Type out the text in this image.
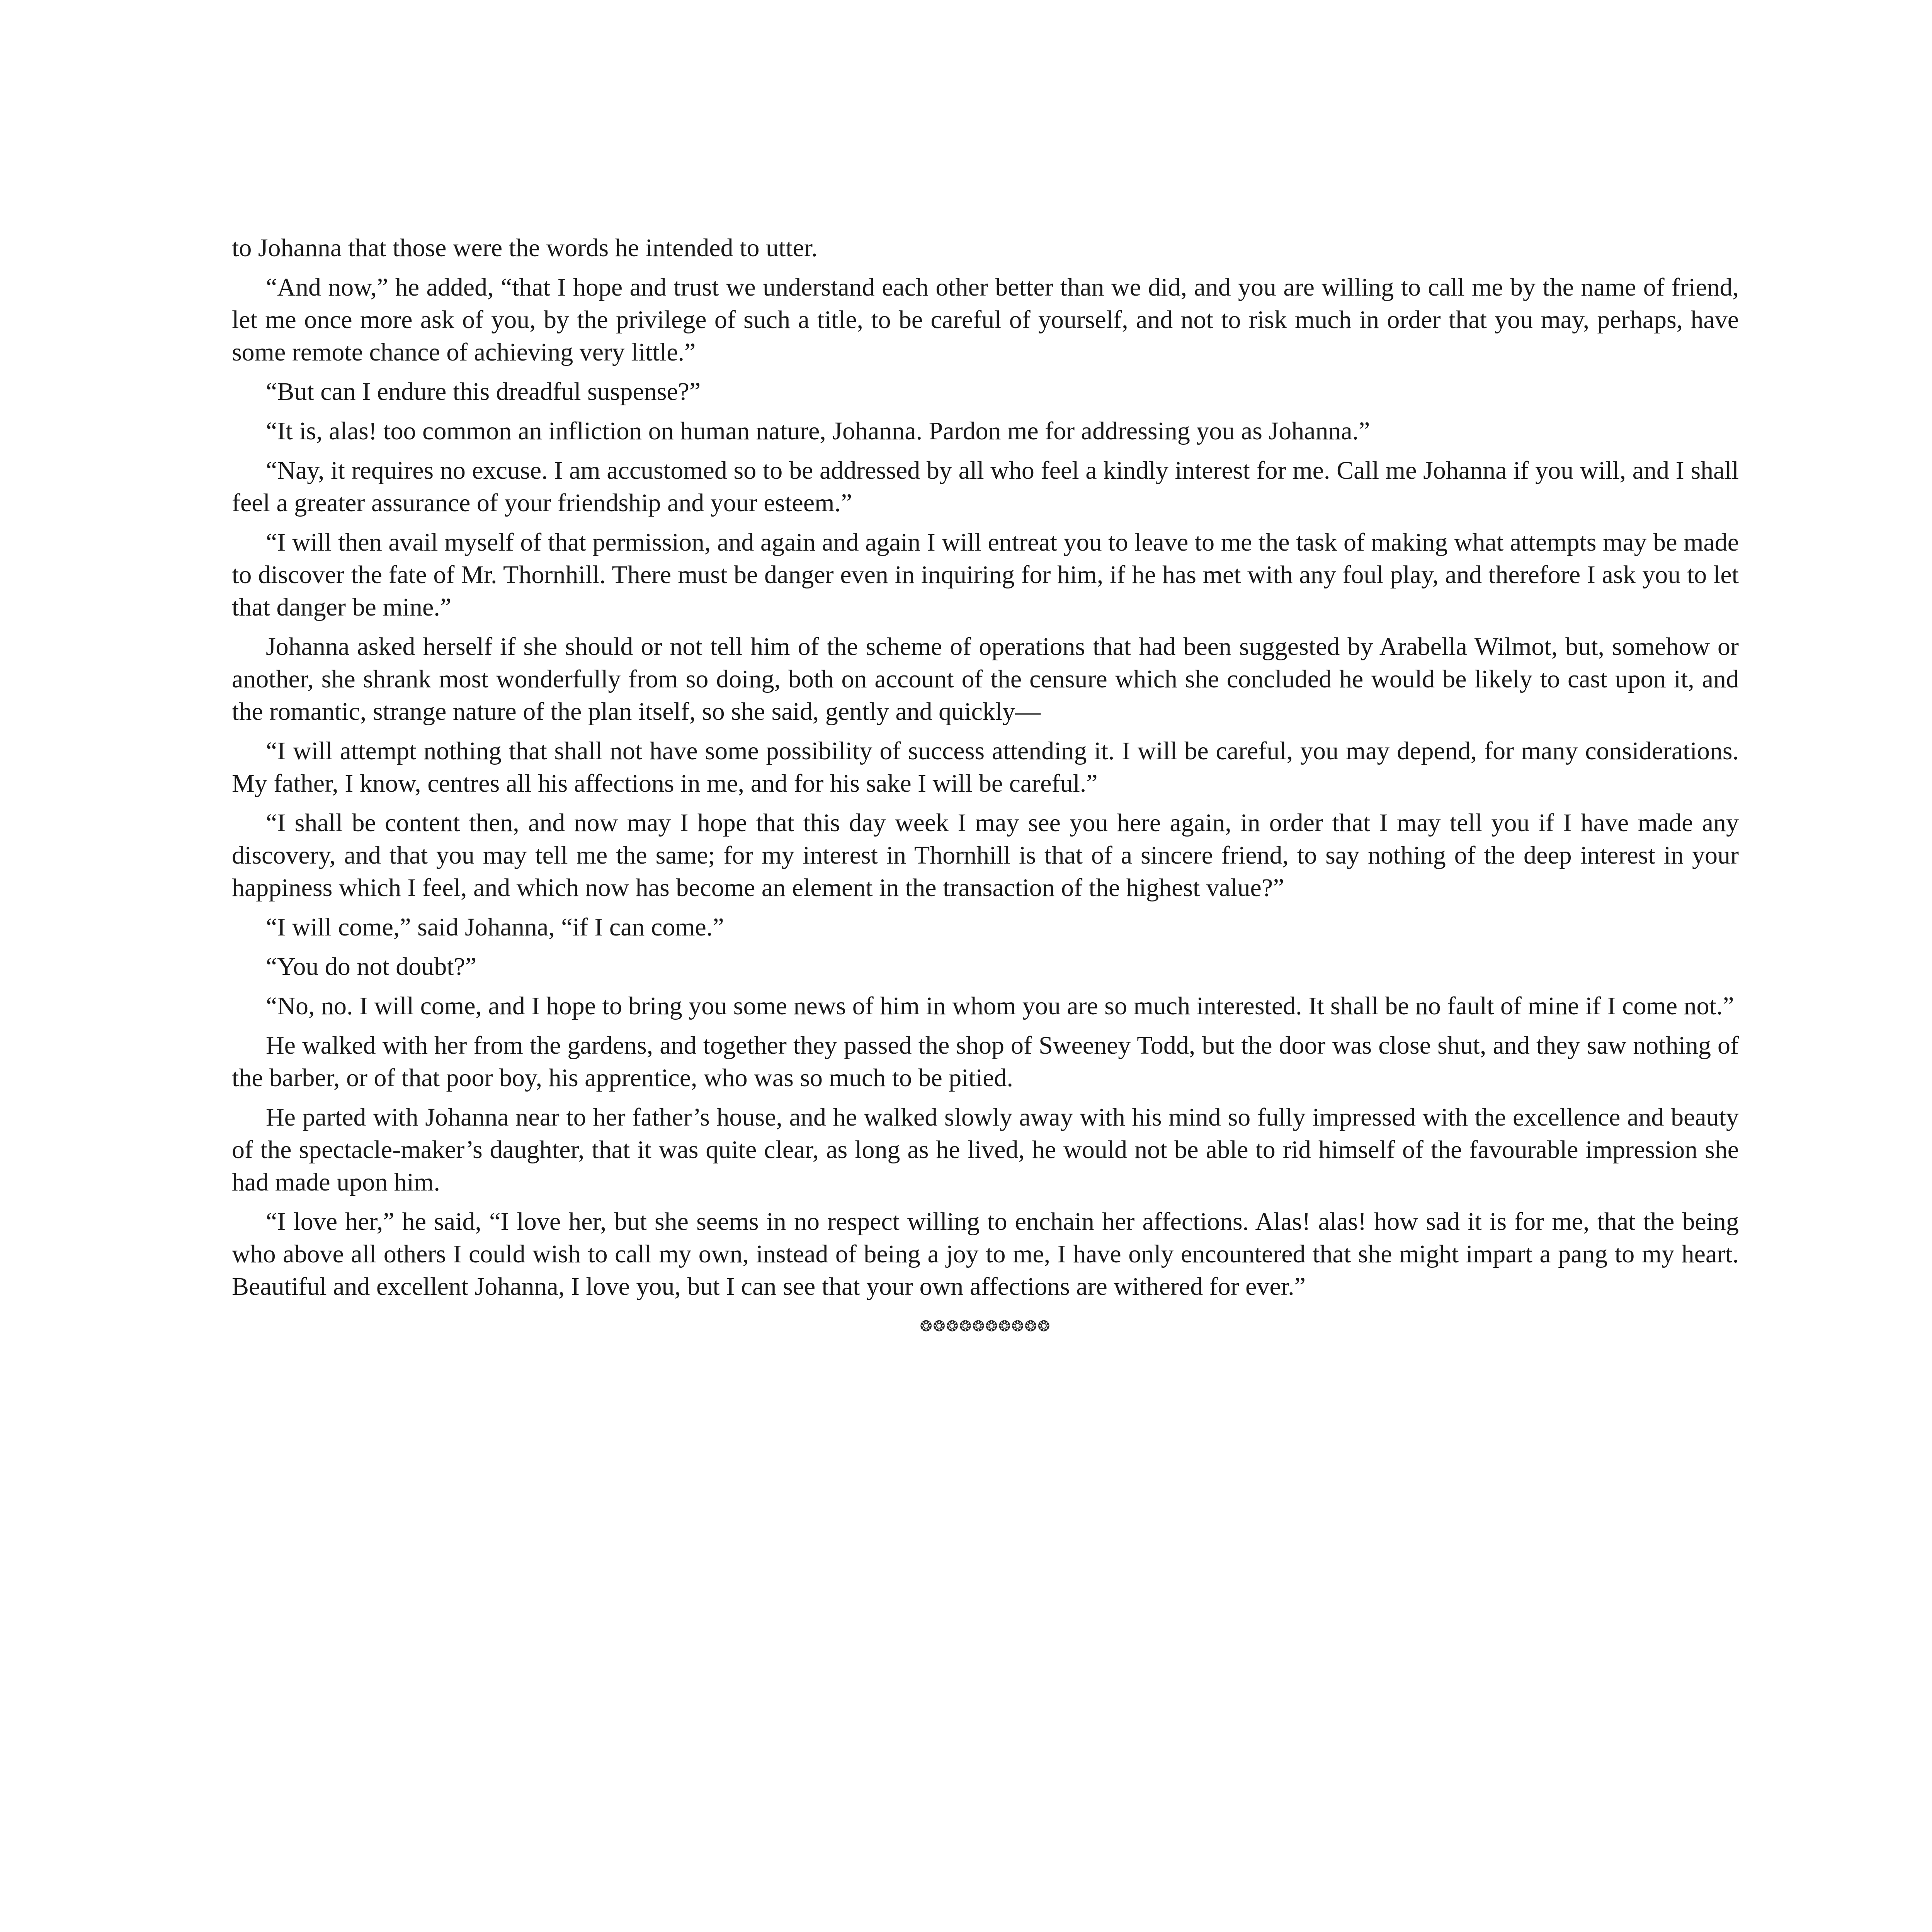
to Johanna that those were the words he intended to utter.

“And now,” he added, “that I hope and trust we understand each other better than we did, and you are willing to call me by the name of friend, let me once more ask of you, by the privilege of such a title, to be careful of yourself, and not to risk much in order that you may, perhaps, have some remote chance of achieving very little.”

“But can I endure this dreadful suspense?”

“It is, alas! too common an infliction on human nature, Johanna. Pardon me for addressing you as Johanna.”

“Nay, it requires no excuse. I am accustomed so to be addressed by all who feel a kindly interest for me. Call me Johanna if you will, and I shall feel a greater assurance of your friendship and your esteem.”

“I will then avail myself of that permission, and again and again I will entreat you to leave to me the task of making what attempts may be made to discover the fate of Mr. Thornhill. There must be danger even in inquiring for him, if he has met with any foul play, and therefore I ask you to let that danger be mine.”

Johanna asked herself if she should or not tell him of the scheme of operations that had been suggested by Arabella Wilmot, but, somehow or another, she shrank most wonderfully from so doing, both on account of the censure which she concluded he would be likely to cast upon it, and the romantic, strange nature of the plan itself, so she said, gently and quickly—

“I will attempt nothing that shall not have some possibility of success attending it. I will be careful, you may depend, for many considerations. My father, I know, centres all his affections in me, and for his sake I will be careful.”

“I shall be content then, and now may I hope that this day week I may see you here again, in order that I may tell you if I have made any discovery, and that you may tell me the same; for my interest in Thornhill is that of a sincere friend, to say nothing of the deep interest in your happiness which I feel, and which now has become an element in the transaction of the highest value?”

“I will come,” said Johanna, “if I can come.”

“You do not doubt?”

“No, no. I will come, and I hope to bring you some news of him in whom you are so much interested. It shall be no fault of mine if I come not.”

He walked with her from the gardens, and together they passed the shop of Sweeney Todd, but the door was close shut, and they saw nothing of the barber, or of that poor boy, his apprentice, who was so much to be pitied.

He parted with Johanna near to her father’s house, and he walked slowly away with his mind so fully impressed with the excellence and beauty of the spectacle-maker’s daughter, that it was quite clear, as long as he lived, he would not be able to rid himself of the favourable impression she had made upon him.

“I love her,” he said, “I love her, but she seems in no respect willing to enchain her affections. Alas! alas! how sad it is for me, that the being who above all others I could wish to call my own, instead of being a joy to me, I have only encountered that she might impart a pang to my heart. Beautiful and excellent Johanna, I love you, but I can see that your own affections are withered for ever.”

❂❂❂❂❂❂❂❂❂❂
